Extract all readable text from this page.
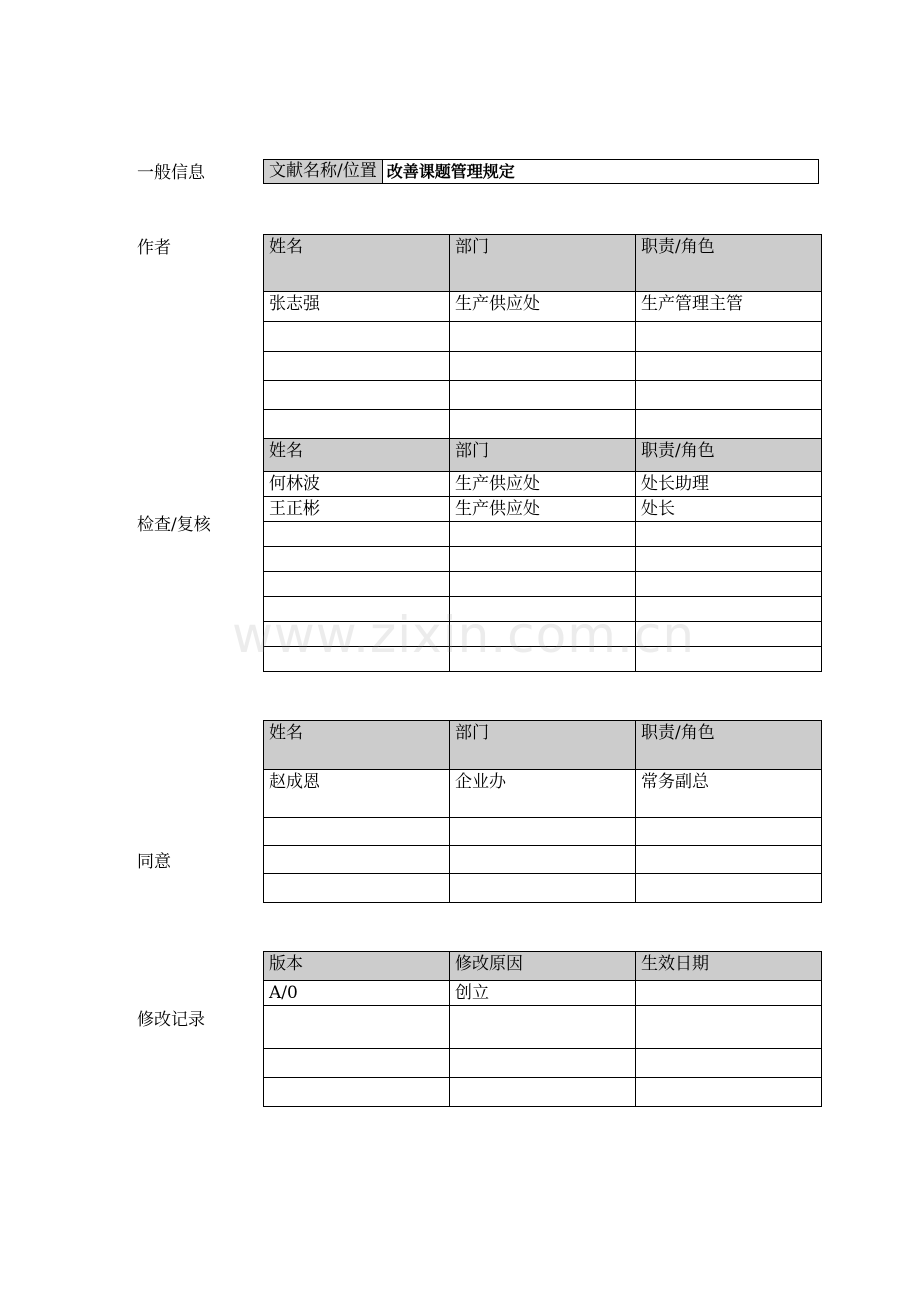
一般信息
作者
检查/复核
同意
修改记录
文献名称/位置 改善课题管理规定
姓名	部门	职责/角色
张志强	生产供应处	生产管理主管

姓名	部门	职责/角色
何林波	生产供应处	处长助理
王正彬	生产供应处	处长

姓名	部门	职责/角色
赵成恩	企业办	常务副总

版本	修改原因	生效日期
A/0	创立	

www.zixin.com.cn
